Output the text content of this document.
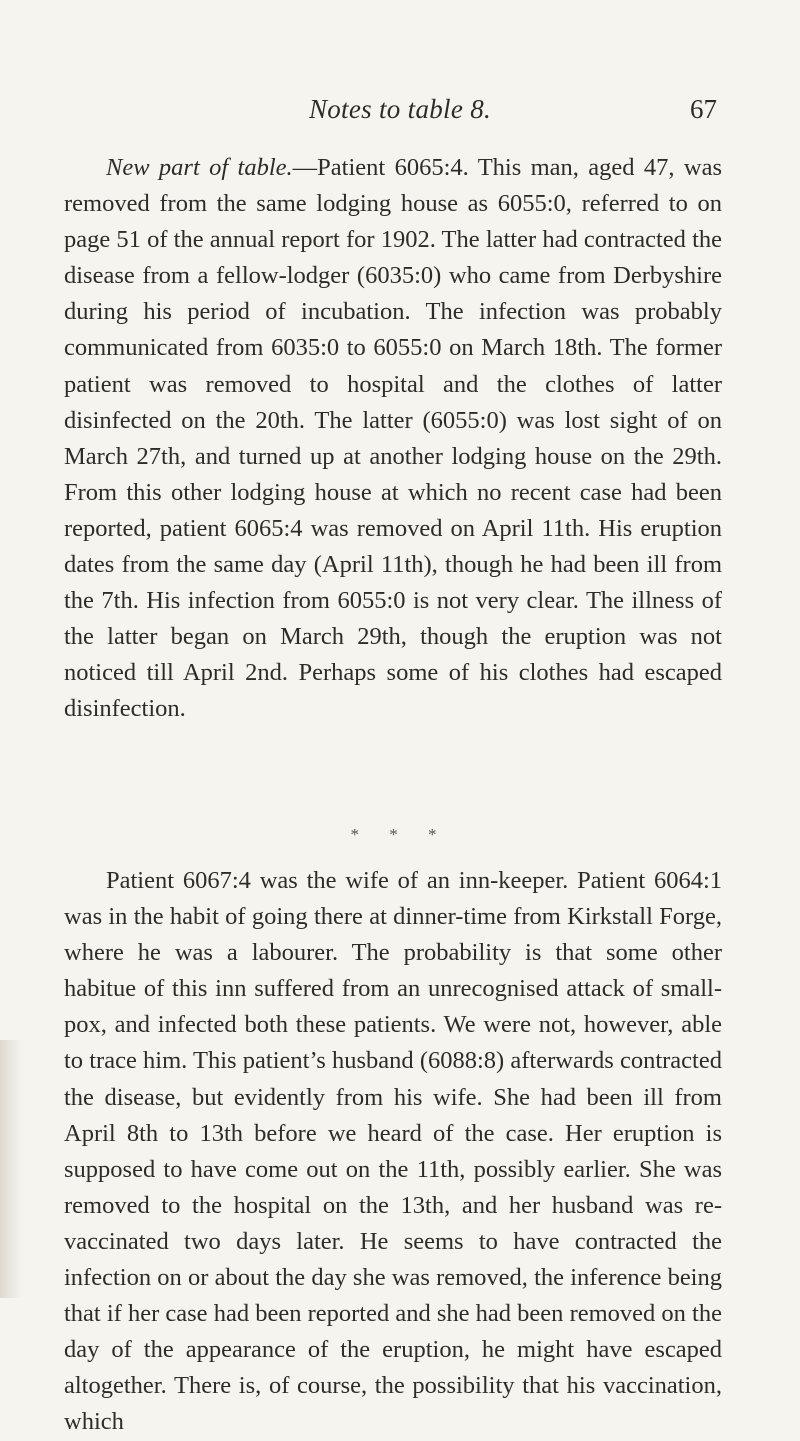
Notes to table 8.	67
New part of table.—Patient 6065:4. This man, aged 47, was removed from the same lodging house as 6055:0, referred to on page 51 of the annual report for 1902. The latter had contracted the disease from a fellow-lodger (6035:0) who came from Derbyshire during his period of incubation. The infection was probably communicated from 6035:0 to 6055:0 on March 18th. The former patient was removed to hospital and the clothes of latter disinfected on the 20th. The latter (6055:0) was lost sight of on March 27th, and turned up at another lodging house on the 29th. From this other lodging house at which no recent case had been reported, patient 6065:4 was removed on April 11th. His eruption dates from the same day (April 11th), though he had been ill from the 7th. His infection from 6055:0 is not very clear. The illness of the latter began on March 29th, though the eruption was not noticed till April 2nd. Perhaps some of his clothes had escaped disinfection.
* * *
Patient 6067:4 was the wife of an inn-keeper. Patient 6064:1 was in the habit of going there at dinner-time from Kirkstall Forge, where he was a labourer. The probability is that some other habitue of this inn suffered from an unrecognised attack of small-pox, and infected both these patients. We were not, however, able to trace him. This patient’s husband (6088:8) afterwards contracted the disease, but evidently from his wife. She had been ill from April 8th to 13th before we heard of the case. Her eruption is supposed to have come out on the 11th, possibly earlier. She was removed to the hospital on the 13th, and her husband was re-vaccinated two days later. He seems to have contracted the infection on or about the day she was removed, the inference being that if her case had been reported and she had been removed on the day of the appearance of the eruption, he might have escaped altogether. There is, of course, the possibility that his vaccination, which
